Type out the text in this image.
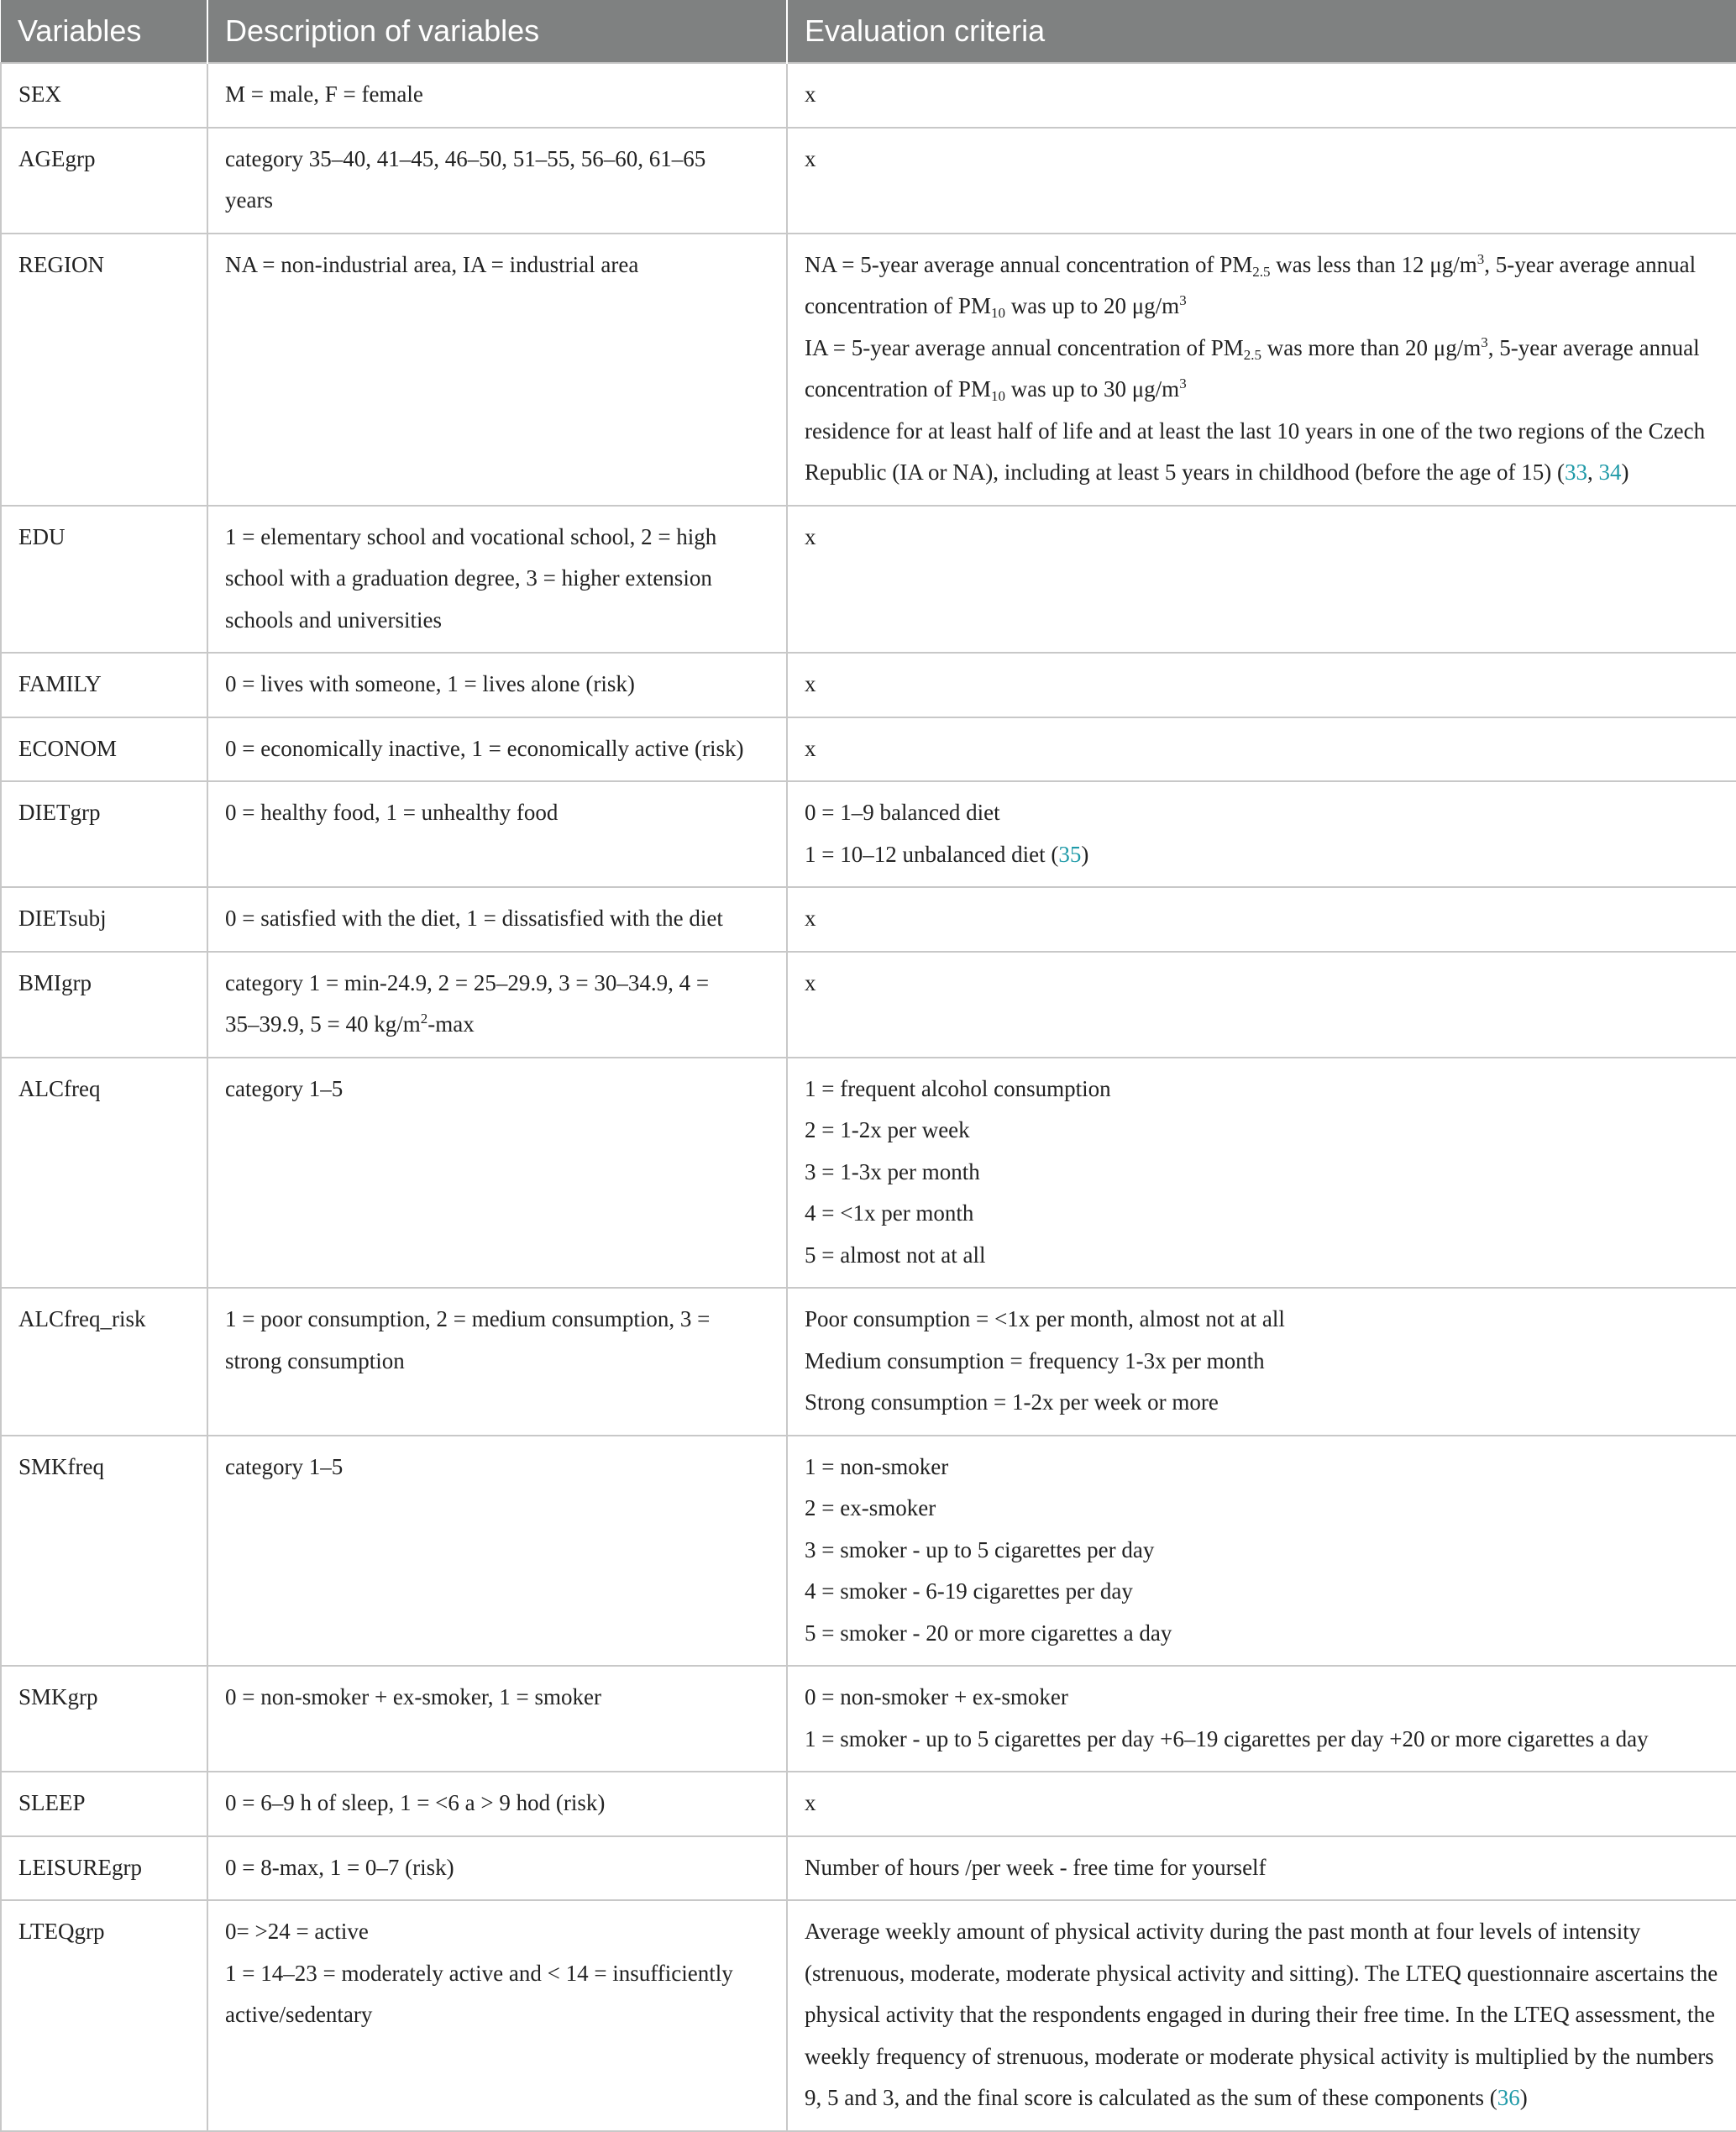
Variables	Description of variables	Evaluation criteria
SEX	M = male, F = female	x
AGEgrp	category 35–40, 41–45, 46–50, 51–55, 56–60, 61–65 years	x
REGION	NA = non-industrial area, IA = industrial area	NA = 5-year average annual concentration of $PM_{2.5}$ was less than 12 $\mu g/m^3$, 5-year average annual concentration of $PM_{10}$ was up to 20 $\mu g/m^3$
IA = 5-year average annual concentration of $PM_{2.5}$ was more than 20 $\mu g/m^3$, 5-year average annual concentration of $PM_{10}$ was up to 30 $\mu g/m^3$
residence for at least half of life and at least the last 10 years in one of the two regions of the Czech Republic (IA or NA), including at least 5 years in childhood (before the age of 15) (33, 34)

EDU	1 = elementary school and vocational school, 2 = high school with a graduation degree, 3 = higher extension schools and universities	x
FAMILY	0 = lives with someone, 1 = lives alone (risk)	x
ECONOM	0 = economically inactive, 1 = economically active (risk)	x
DIETgrp	0 = healthy food, 1 = unhealthy food	0 = 1–9 balanced diet
1 = 10–12 unbalanced diet (35)

DIETsubj	0 = satisfied with the diet, 1 = dissatisfied with the diet	x
BMIgrp	category 1 = min-24.9, 2 = 25–29.9, 3 = 30–34.9, 4 = 35–39.9, 5 = 40 $kg/m^2-\max$	x
ALCfreq	category 1–5	1 = frequent alcohol consumption
2 = 1-2x per week
3 = 1-3x per month
4 = <1x per month
5 = almost not at all

ALCfreq_risk	1 = poor consumption, 2 = medium consumption, 3 = strong consumption	Poor consumption = <1x per month, almost not at all
Medium consumption = frequency 1-3x per month
Strong consumption = 1-2x per week or more

SMKfreq	category 1–5	1 = non-smoker
2 = ex-smoker
3 = smoker - up to 5 cigarettes per day
4 = smoker - 6-19 cigarettes per day
5 = smoker - 20 or more cigarettes a day

SMKgrp	0 = non-smoker + ex-smoker, 1 = smoker	0 = non-smoker + ex-smoker
1 = smoker - up to 5 cigarettes per day +6–19 cigarettes per day +20 or more cigarettes a day

SLEEP	0 = 6–9 h of sleep, 1 = <6 a > 9 hod (risk)	x
LEISUREgrp	0 = 8-max, 1 = 0–7 (risk)	Number of hours /per week - free time for yourself
LTEQgrp	0= >24 = active
1 = 14–23 = moderately active and < 14 = insufficiently active/sedentary	Average weekly amount of physical activity during the past month at four levels of intensity (strenuous, moderate, moderate physical activity and sitting). The LTEQ questionnaire ascertains the physical activity that the respondents engaged in during their free time. In the LTEQ assessment, the weekly frequency of strenuous, moderate or moderate physical activity is multiplied by the numbers 9, 5 and 3, and the final score is calculated as the sum of these components (36)
